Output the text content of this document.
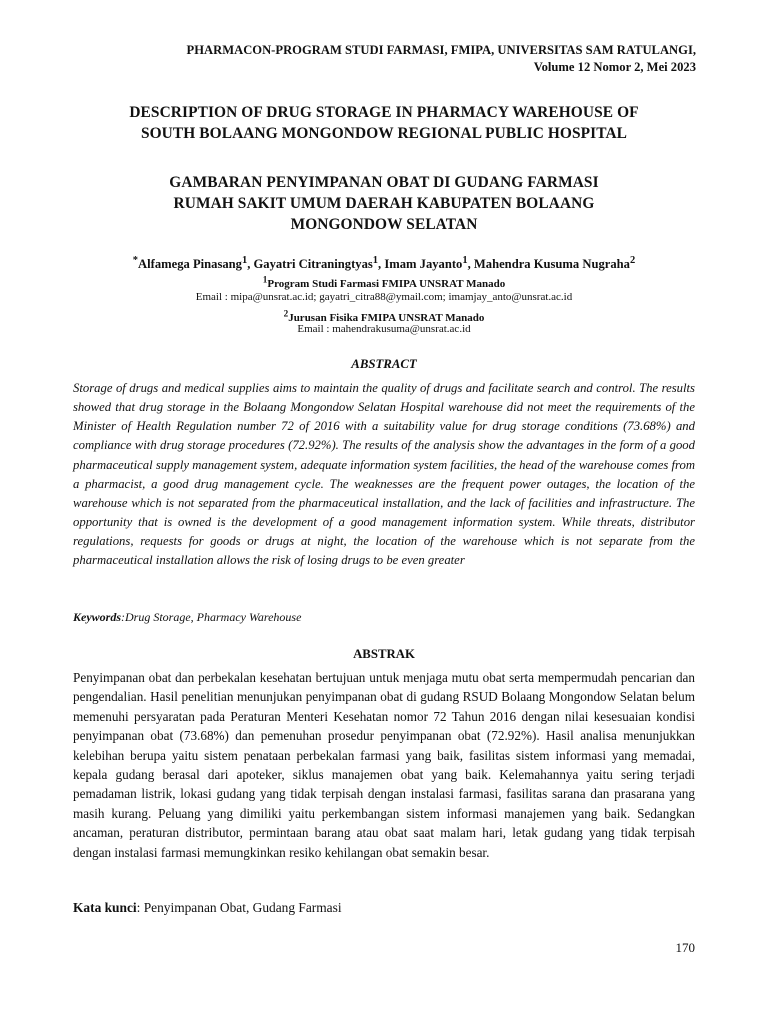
PHARMACON-PROGRAM STUDI FARMASI, FMIPA, UNIVERSITAS SAM RATULANGI,
Volume 12 Nomor 2, Mei 2023
DESCRIPTION OF DRUG STORAGE IN PHARMACY WAREHOUSE OF
SOUTH BOLAANG MONGONDOW REGIONAL PUBLIC HOSPITAL
GAMBARAN PENYIMPANAN OBAT DI GUDANG FARMASI
RUMAH SAKIT UMUM DAERAH KABUPATEN BOLAANG
MONGONDOW SELATAN
*Alfamega Pinasang$^1$, Gayatri Citraningtyas$^1$, Imam Jayanto$^1$, Mahendra Kusuma Nugraha$^2$
$^1$Program Studi Farmasi FMIPA UNSRAT Manado
Email : mipa@unsrat.ac.id; gayatri_citra88@ymail.com; imamjay_anto@unsrat.ac.id
$^2$Jurusan Fisika FMIPA UNSRAT Manado
Email : mahendrakusuma@unsrat.ac.id
ABSTRACT
Storage of drugs and medical supplies aims to maintain the quality of drugs and facilitate search and control. The results showed that drug storage in the Bolaang Mongondow Selatan Hospital warehouse did not meet the requirements of the Minister of Health Regulation number 72 of 2016 with a suitability value for drug storage conditions (73.68%) and compliance with drug storage procedures (72.92%). The results of the analysis show the advantages in the form of a good pharmaceutical supply management system, adequate information system facilities, the head of the warehouse comes from a pharmacist, a good drug management cycle. The weaknesses are the frequent power outages, the location of the warehouse which is not separated from the pharmaceutical installation, and the lack of facilities and infrastructure. The opportunity that is owned is the development of a good management information system. While threats, distributor regulations, requests for goods or drugs at night, the location of the warehouse which is not separate from the pharmaceutical installation allows the risk of losing drugs to be even greater
Keywords:Drug Storage, Pharmacy Warehouse
ABSTRAK
Penyimpanan obat dan perbekalan kesehatan bertujuan untuk menjaga mutu obat serta mempermudah pencarian dan pengendalian. Hasil penelitian menunjukan penyimpanan obat di gudang RSUD Bolaang Mongondow Selatan belum memenuhi persyaratan pada Peraturan Menteri Kesehatan nomor 72 Tahun 2016 dengan nilai kesesuaian kondisi penyimpanan obat (73.68%) dan pemenuhan prosedur penyimpanan obat (72.92%). Hasil analisa menunjukkan kelebihan berupa yaitu sistem penataan perbekalan farmasi yang baik, fasilitas sistem informasi yang memadai, kepala gudang berasal dari apoteker, siklus manajemen obat yang baik. Kelemahannya yaitu sering terjadi pemadaman listrik, lokasi gudang yang tidak terpisah dengan instalasi farmasi, fasilitas sarana dan prasarana yang masih kurang. Peluang yang dimiliki yaitu perkembangan sistem informasi manajemen yang baik. Sedangkan ancaman, peraturan distributor, permintaan barang atau obat saat malam hari, letak gudang yang tidak terpisah dengan instalasi farmasi memungkinkan resiko kehilangan obat semakin besar.
Kata kunci: Penyimpanan Obat, Gudang Farmasi
170
